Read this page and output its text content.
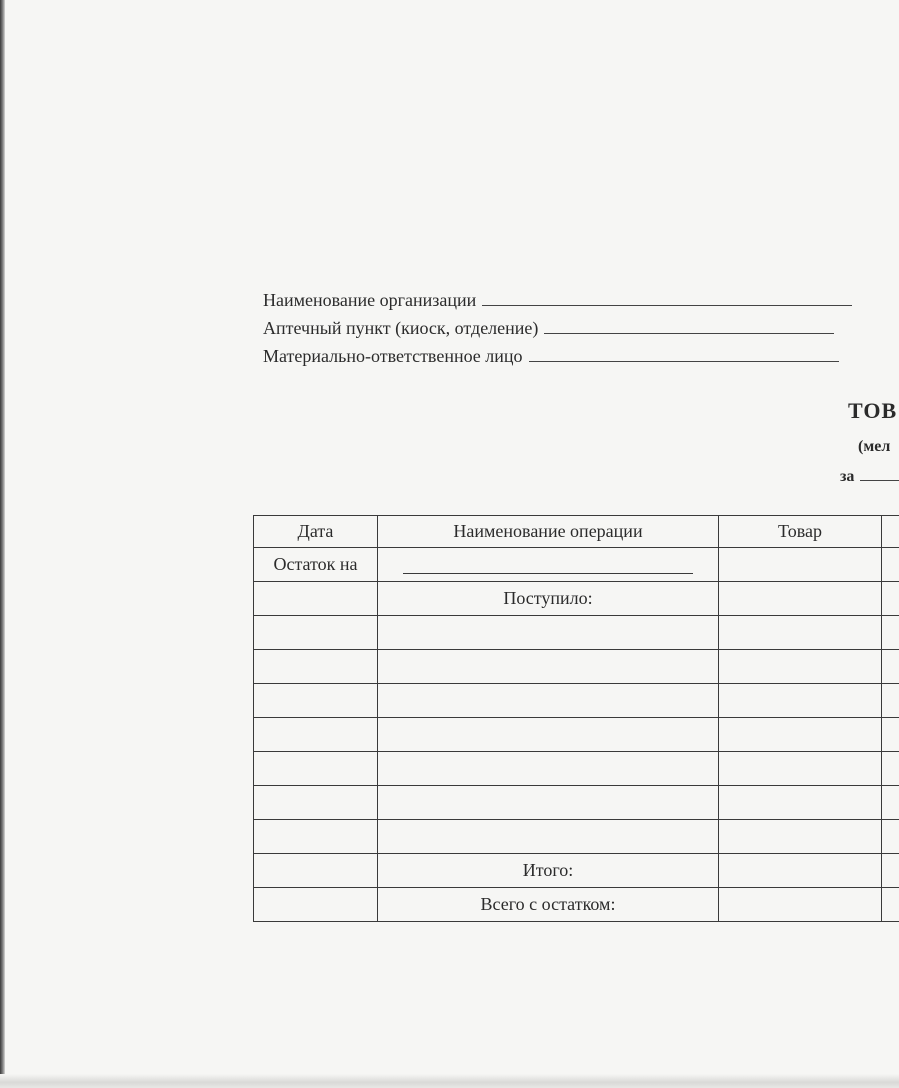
Наименование организации
Аптечный пункт (киоск, отделение)
Материально-ответственное лицо
ТОВ
(мел
за
Дата	Наименование операции	Товар	
Остаток на			
	Поступило:		

	Итого:		
	Всего с остатком:		
